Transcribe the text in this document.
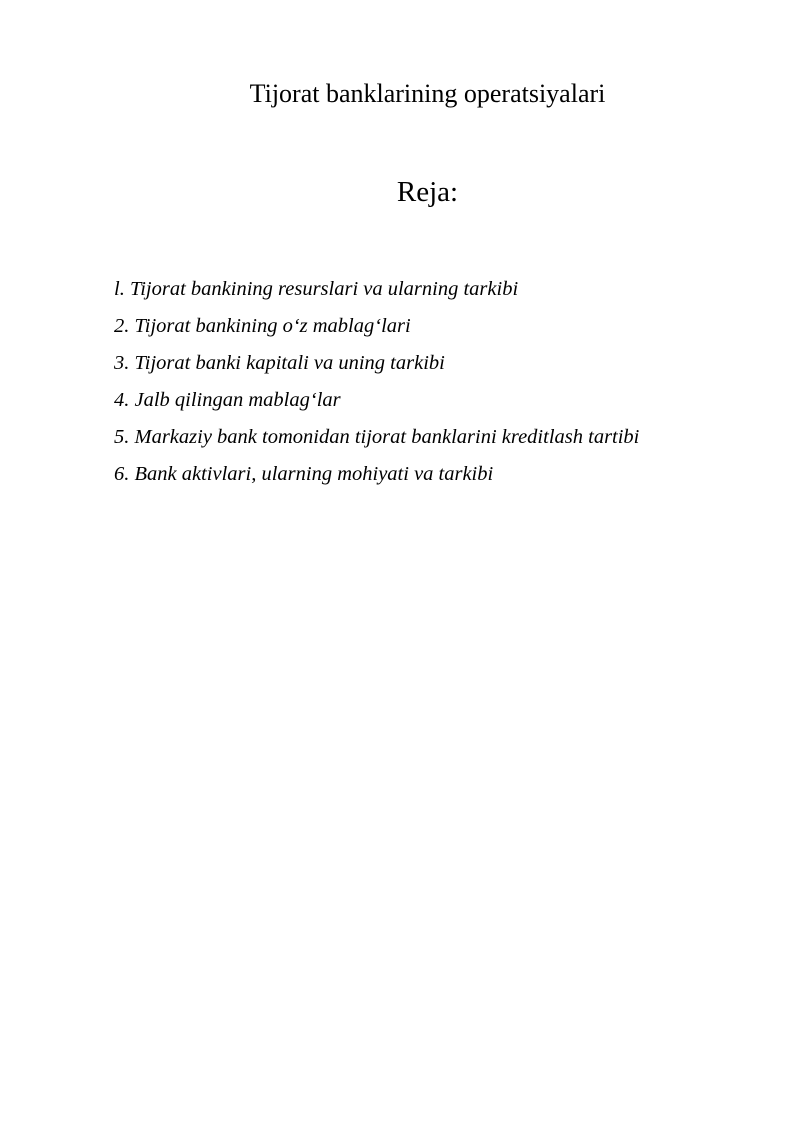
Tijorat banklarining operatsiyalari
Reja:
l. Tijorat bankining resurslari va ularning tarkibi
2. Tijorat bankining o‘z mablag‘lari
3. Tijorat banki kapitali va uning tarkibi
4. Jalb qilingan mablag‘lar
5. Markaziy bank tomonidan tijorat banklarini kreditlash tartibi
6. Bank aktivlari, ularning mohiyati va tarkibi
